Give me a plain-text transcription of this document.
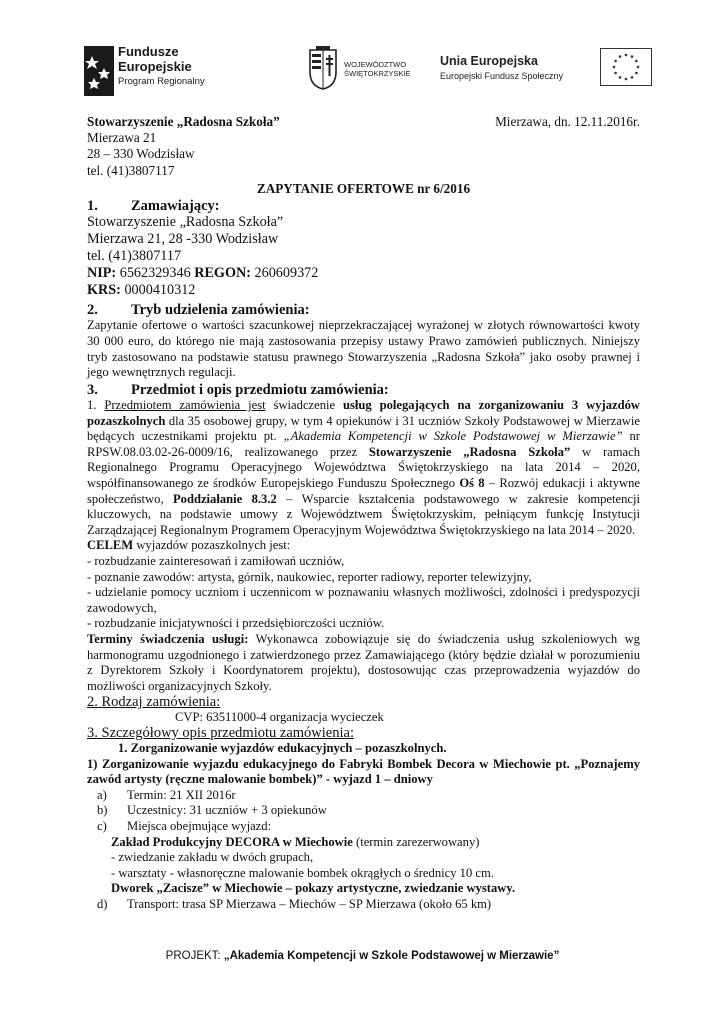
Fundusze
Europejskie
Program Regionalny
WOJEWÓDZTWO
ŚWIĘTOKRZYSKIE
Unia Europejska
Europejski Fundusz Społeczny
Stowarzyszenie „Radosna Szkoła”	Mierzawa, dn. 12.11.2016r.
Mierzawa 21
28 – 330 Wodzisław
tel. (41)3807117
ZAPYTANIE OFERTOWE nr 6/2016
1. Zamawiający:
Stowarzyszenie „Radosna Szkoła”
Mierzawa 21, 28 -330 Wodzisław
tel. (41)3807117
NIP: 6562329346 REGON: 260609372
KRS: 0000410312
2. Tryb udzielenia zamówienia:
Zapytanie ofertowe o wartości szacunkowej nieprzekraczającej wyrażonej w złotych równowartości kwoty 30 000 euro, do którego nie mają zastosowania przepisy ustawy Prawo zamówień publicznych. Niniejszy tryb zastosowano na podstawie statusu prawnego Stowarzyszenia „Radosna Szkoła” jako osoby prawnej i jego wewnętrznych regulacji.
3. Przedmiot i opis przedmiotu zamówienia:
1. Przedmiotem zamówienia jest świadczenie usług polegających na zorganizowaniu 3 wyjazdów pozaszkolnych dla 35 osobowej grupy, w tym 4 opiekunów i 31 uczniów Szkoły Podstawowej w Mierzawie będących uczestnikami projektu pt. „Akademia Kompetencji w Szkole Podstawowej w Mierzawie” nr RPSW.08.03.02-26-0009/16, realizowanego przez Stowarzyszenie „Radosna Szkoła” w ramach Regionalnego Programu Operacyjnego Województwa Świętokrzyskiego na lata 2014 – 2020, współfinansowanego ze środków Europejskiego Funduszu Społecznego Oś 8 – Rozwój edukacji i aktywne społeczeństwo, Poddziałanie 8.3.2 – Wsparcie kształcenia podstawowego w zakresie kompetencji kluczowych, na podstawie umowy z Województwem Świętokrzyskim, pełniącym funkcję Instytucji Zarządzającej Regionalnym Programem Operacyjnym Województwa Świętokrzyskiego na lata 2014 – 2020.
CELEM wyjazdów pozaszkolnych jest:
- rozbudzanie zainteresowań i zamiłowań uczniów,
- poznanie zawodów: artysta, górnik, naukowiec, reporter radiowy, reporter telewizyjny,
- udzielanie pomocy uczniom i uczennicom w poznawaniu własnych możliwości, zdolności i predyspozycji zawodowych,
- rozbudzanie inicjatywności i przedsiębiorczości uczniów.
Terminy świadczenia usługi: Wykonawca zobowiązuje się do świadczenia usług szkoleniowych wg harmonogramu uzgodnionego i zatwierdzonego przez Zamawiającego (który będzie działał w porozumieniu z Dyrektorem Szkoły i Koordynatorem projektu), dostosowując czas przeprowadzenia wyjazdów do możliwości organizacyjnych Szkoły.
2. Rodzaj zamówienia:
CVP: 63511000-4 organizacja wycieczek
3. Szczegółowy opis przedmiotu zamówienia:
1. Zorganizowanie wyjazdów edukacyjnych – pozaszkolnych.
1) Zorganizowanie wyjazdu edukacyjnego do Fabryki Bombek Decora w Miechowie pt. „Poznajemy zawód artysty (ręczne malowanie bombek)” - wyjazd 1 – dniowy
a)	Termin: 21 XII 2016r
b)	Uczestnicy: 31 uczniów + 3 opiekunów
c)	Miejsca obejmujące wyjazd:
Zakład Produkcyjny DECORA w Miechowie (termin zarezerwowany)
- zwiedzanie zakładu w dwóch grupach,
- warsztaty - własnoręczne malowanie bombek okrągłych o średnicy 10 cm.
Dworek „Zacisze” w Miechowie – pokazy artystyczne, zwiedzanie wystawy.
d)	Transport: trasa SP Mierzawa – Miechów – SP Mierzawa (około 65 km)
PROJEKT: „Akademia Kompetencji w Szkole Podstawowej w Mierzawie”
